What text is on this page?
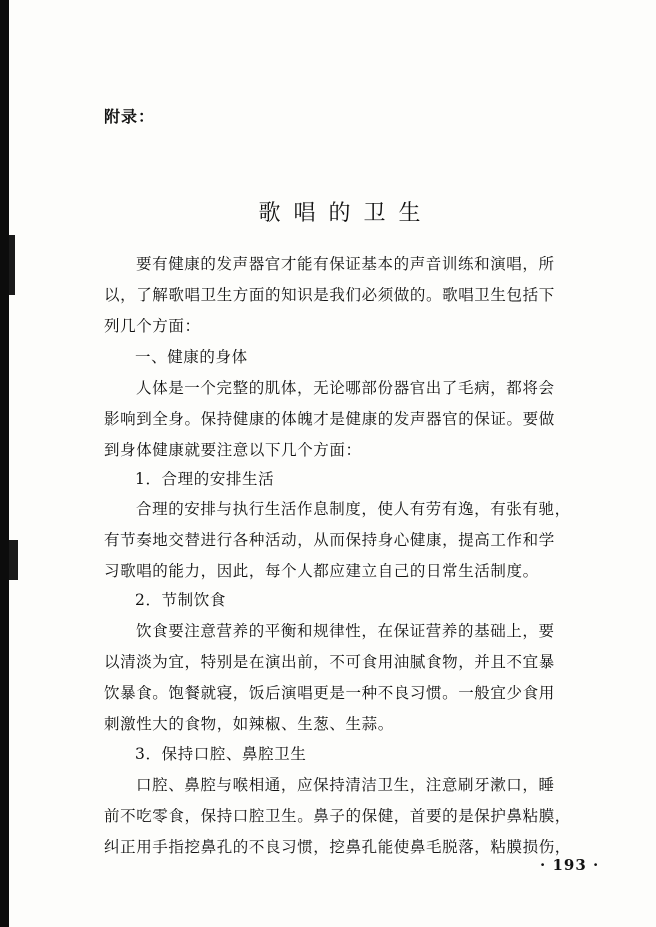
附录：
歌唱的卫生
要有健康的发声器官才能有保证基本的声音训练和演唱，所
以，了解歌唱卫生方面的知识是我们必须做的。歌唱卫生包括下
列几个方面：
一、健康的身体
人体是一个完整的肌体，无论哪部份器官出了毛病，都将会
影响到全身。保持健康的体魄才是健康的发声器官的保证。要做
到身体健康就要注意以下几个方面：
1．合理的安排生活
合理的安排与执行生活作息制度，使人有劳有逸，有张有驰，
有节奏地交替进行各种活动，从而保持身心健康，提高工作和学
习歌唱的能力，因此，每个人都应建立自己的日常生活制度。
2．节制饮食
饮食要注意营养的平衡和规律性，在保证营养的基础上，要
以清淡为宜，特别是在演出前，不可食用油腻食物，并且不宜暴
饮暴食。饱餐就寝，饭后演唱更是一种不良习惯。一般宜少食用
刺激性大的食物，如辣椒、生葱、生蒜。
3．保持口腔、鼻腔卫生
口腔、鼻腔与喉相通，应保持清洁卫生，注意刷牙漱口，睡
前不吃零食，保持口腔卫生。鼻子的保健，首要的是保护鼻粘膜，
纠正用手指挖鼻孔的不良习惯，挖鼻孔能使鼻毛脱落，粘膜损伤，
· 193 ·
